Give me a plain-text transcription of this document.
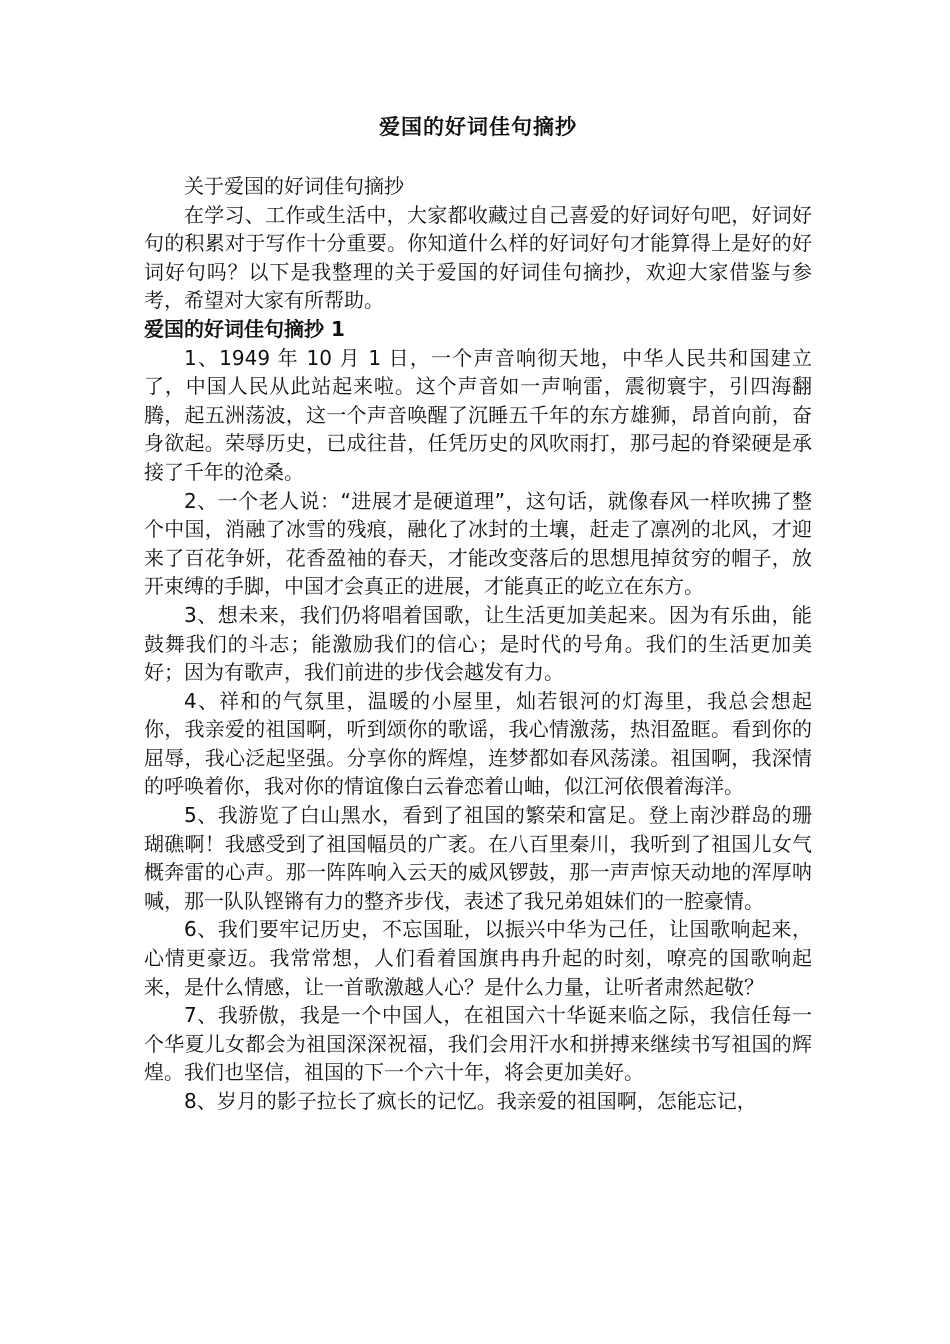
爱国的好词佳句摘抄

关于爱国的好词佳句摘抄

在学习、工作或生活中，大家都收藏过自己喜爱的好词好句吧，好词好句的积累对于写作十分重要。你知道什么样的好词好句才能算得上是好的好词好句吗？以下是我整理的关于爱国的好词佳句摘抄，欢迎大家借鉴与参考，希望对大家有所帮助。

爱国的好词佳句摘抄 1

1、1949 年 10 月 1 日，一个声音响彻天地，中华人民共和国建立了，中国人民从此站起来啦。这个声音如一声响雷，震彻寰宇，引四海翻腾，起五洲荡波，这一个声音唤醒了沉睡五千年的东方雄狮，昂首向前，奋身欲起。荣辱历史，已成往昔，任凭历史的风吹雨打，那弓起的脊梁硬是承接了千年的沧桑。

2、一个老人说：“进展才是硬道理”，这句话，就像春风一样吹拂了整个中国，消融了冰雪的残痕，融化了冰封的土壤，赶走了凛冽的北风，才迎来了百花争妍，花香盈袖的春天，才能改变落后的思想甩掉贫穷的帽子，放开束缚的手脚，中国才会真正的进展，才能真正的屹立在东方。

3、想未来，我们仍将唱着国歌，让生活更加美起来。因为有乐曲，能鼓舞我们的斗志；能激励我们的信心；是时代的号角。我们的生活更加美好；因为有歌声，我们前进的步伐会越发有力。

4、祥和的气氛里，温暖的小屋里，灿若银河的灯海里，我总会想起你，我亲爱的祖国啊，听到颂你的歌谣，我心情激荡，热泪盈眶。看到你的屈辱，我心泛起坚强。分享你的辉煌，连梦都如春风荡漾。祖国啊，我深情的呼唤着你，我对你的情谊像白云眷恋着山岫，似江河依偎着海洋。

5、我游览了白山黑水，看到了祖国的繁荣和富足。登上南沙群岛的珊瑚礁啊！我感受到了祖国幅员的广袤。在八百里秦川，我听到了祖国儿女气概奔雷的心声。那一阵阵响入云天的威风锣鼓，那一声声惊天动地的浑厚呐喊，那一队队铿锵有力的整齐步伐，表述了我兄弟姐妹们的一腔豪情。

6、我们要牢记历史，不忘国耻，以振兴中华为己任，让国歌响起来，心情更豪迈。我常常想，人们看着国旗冉冉升起的时刻，嘹亮的国歌响起来，是什么情感，让一首歌激越人心？是什么力量，让听者肃然起敬？

7、我骄傲，我是一个中国人，在祖国六十华诞来临之际，我信任每一个华夏儿女都会为祖国深深祝福，我们会用汗水和拼搏来继续书写祖国的辉煌。我们也坚信，祖国的下一个六十年，将会更加美好。

8、岁月的影子拉长了疯长的记忆。我亲爱的祖国啊，怎能忘记，
